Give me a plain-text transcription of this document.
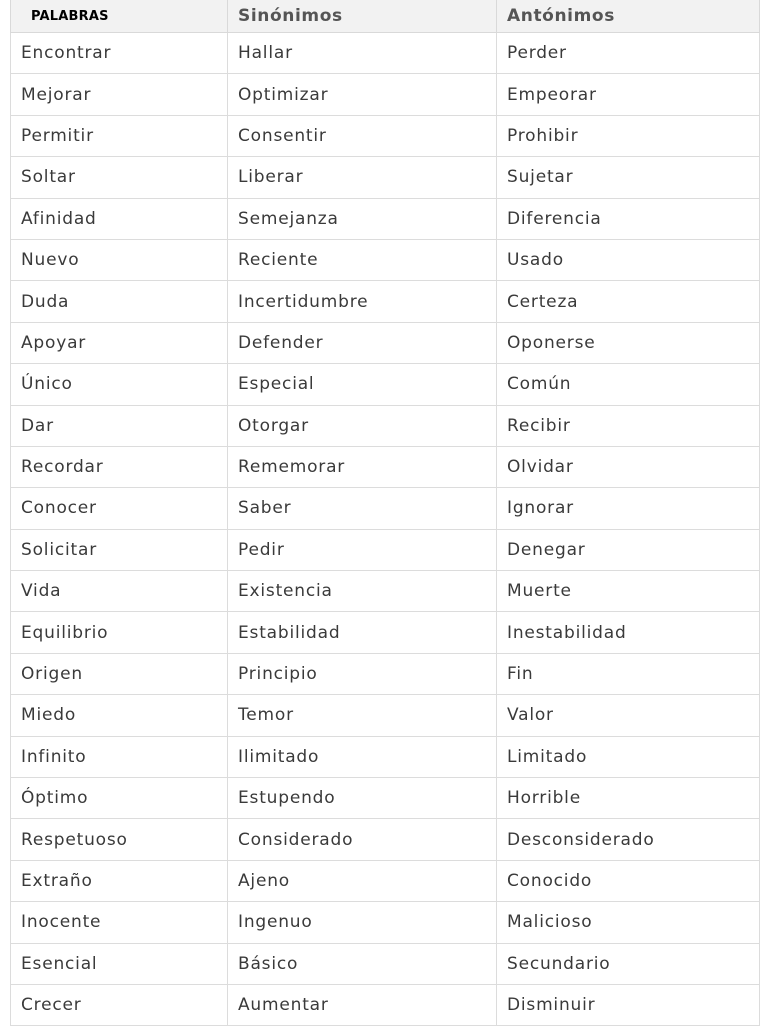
PALABRAS	Sinónimos	Antónimos
Encontrar	Hallar	Perder
Mejorar	Optimizar	Empeorar
Permitir	Consentir	Prohibir
Soltar	Liberar	Sujetar
Afinidad	Semejanza	Diferencia
Nuevo	Reciente	Usado
Duda	Incertidumbre	Certeza
Apoyar	Defender	Oponerse
Único	Especial	Común
Dar	Otorgar	Recibir
Recordar	Rememorar	Olvidar
Conocer	Saber	Ignorar
Solicitar	Pedir	Denegar
Vida	Existencia	Muerte
Equilibrio	Estabilidad	Inestabilidad
Origen	Principio	Fin
Miedo	Temor	Valor
Infinito	Ilimitado	Limitado
Óptimo	Estupendo	Horrible
Respetuoso	Considerado	Desconsiderado
Extraño	Ajeno	Conocido
Inocente	Ingenuo	Malicioso
Esencial	Básico	Secundario
Crecer	Aumentar	Disminuir
